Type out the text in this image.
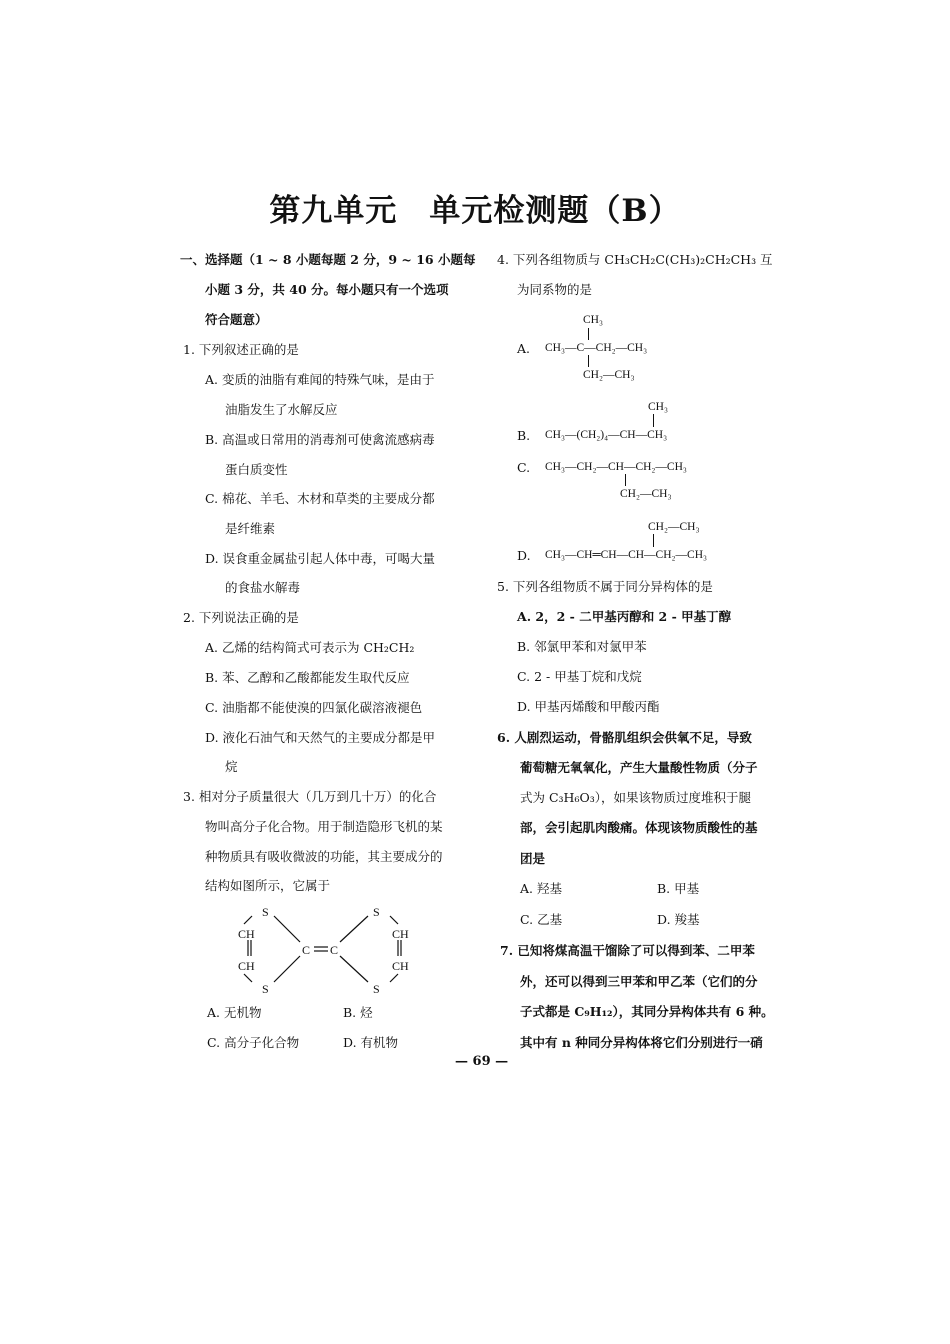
第九单元　单元检测题（B）
一、选择题（1 ~ 8 小题每题 2 分，9 ~ 16 小题每
小题 3 分，共 40 分。每小题只有一个选项
符合题意）
1. 下列叙述正确的是
A. 变质的油脂有难闻的特殊气味，是由于
油脂发生了水解反应
B. 高温或日常用的消毒剂可使禽流感病毒
蛋白质变性
C. 棉花、羊毛、木材和草类的主要成分都
是纤维素
D. 误食重金属盐引起人体中毒，可喝大量
的食盐水解毒
2. 下列说法正确的是
A. 乙烯的结构简式可表示为 CH₂CH₂
B. 苯、乙醇和乙酸都能发生取代反应
C. 油脂都不能使溴的四氯化碳溶液褪色
D. 液化石油气和天然气的主要成分都是甲
烷
3. 相对分子质量很大（几万到几十万）的化合
物叫高分子化合物。用于制造隐形飞机的某
种物质具有吸收微波的功能，其主要成分的
结构如图所示，它属于
S
S
CH
CH
C C
S
S
CH
CH
A. 无机物	B. 烃
C. 高分子化合物	D. 有机物
4. 下列各组物质与 CH₃CH₂C(CH₃)₂CH₂CH₃ 互
为同系物的是
CH₃
A. CH₃—C—CH₂—CH₃
CH₂—CH₃
CH₃
B. CH₃—(CH₂)₄—CH—CH₃
C. CH₃—CH₂—CH—CH₂—CH₃
CH₂—CH₃
CH₂—CH₃
D. CH₃—CH═CH—CH—CH₂—CH₃
5. 下列各组物质不属于同分异构体的是
A. 2，2 - 二甲基丙醇和 2 - 甲基丁醇
B. 邻氯甲苯和对氯甲苯
C. 2 - 甲基丁烷和戊烷
D. 甲基丙烯酸和甲酸丙酯
6. 人剧烈运动，骨骼肌组织会供氧不足，导致
葡萄糖无氧氧化，产生大量酸性物质（分子
式为 C₃H₆O₃），如果该物质过度堆积于腿
部，会引起肌肉酸痛。体现该物质酸性的基
团是
A. 羟基	B. 甲基
C. 乙基	D. 羧基
7. 已知将煤高温干馏除了可以得到苯、二甲苯
外，还可以得到三甲苯和甲乙苯（它们的分
子式都是 C₉H₁₂），其同分异构体共有 6 种。
其中有 n 种同分异构体将它们分别进行一硝
— 69 —
